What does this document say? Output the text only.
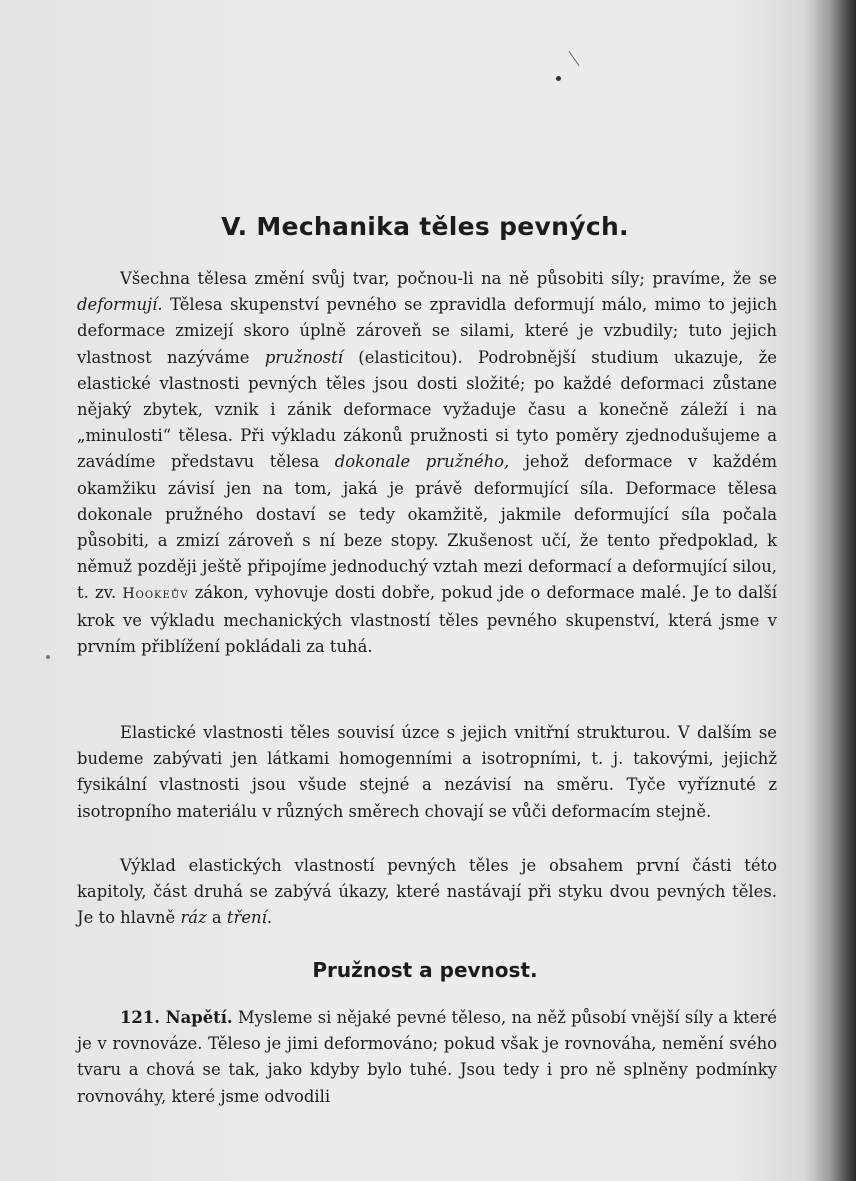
V. Mechanika těles pevných.

Všechna tělesa změní svůj tvar, počnou-li na ně působiti síly; pravíme, že se deformují. Tělesa skupenství pevného se zpravidla deformují málo, mimo to jejich deformace zmizejí skoro úplně zároveň se silami, které je vzbudily; tuto jejich vlastnost nazýváme pružností (elasticitou). Podrobnější studium ukazuje, že elastické vlastnosti pevných těles jsou dosti složité; po každé deformaci zůstane nějaký zbytek, vznik i zánik deformace vyžaduje času a konečně záleží i na „minulosti“ tělesa. Při výkladu zákonů pružnosti si tyto poměry zjednodušujeme a zavádíme představu tělesa dokonale pružného, jehož deformace v každém okamžiku závisí jen na tom, jaká je právě deformující síla. Deformace tělesa dokonale pružného dostaví se tedy okamžitě, jakmile deformující síla počala působiti, a zmizí zároveň s ní beze stopy. Zkušenost učí, že tento předpoklad, k němuž později ještě připojíme jednoduchý vztah mezi deformací a deformující silou, t. zv. Hookeův zákon, vyhovuje dosti dobře, pokud jde o deformace malé. Je to další krok ve výkladu mechanických vlastností těles pevného skupenství, která jsme v prvním přiblížení pokládali za tuhá.

Elastické vlastnosti těles souvisí úzce s jejich vnitřní strukturou. V dalším se budeme zabývati jen látkami homogenními a isotropními, t. j. takovými, jejichž fysikální vlastnosti jsou všude stejné a nezávisí na směru. Tyče vyříznuté z isotropního materiálu v různých směrech chovají se vůči deformacím stejně.

Výklad elastických vlastností pevných těles je obsahem první části této kapitoly, část druhá se zabývá úkazy, které nastávají při styku dvou pevných těles. Je to hlavně ráz a tření.

Pružnost a pevnost.

121. Napětí. Mysleme si nějaké pevné těleso, na něž působí vnější síly a které je v rovnováze. Těleso je jimi deformováno; pokud však je rovnováha, nemění svého tvaru a chová se tak, jako kdyby bylo tuhé. Jsou tedy i pro ně splněny podmínky rovnováhy, které jsme odvodili
